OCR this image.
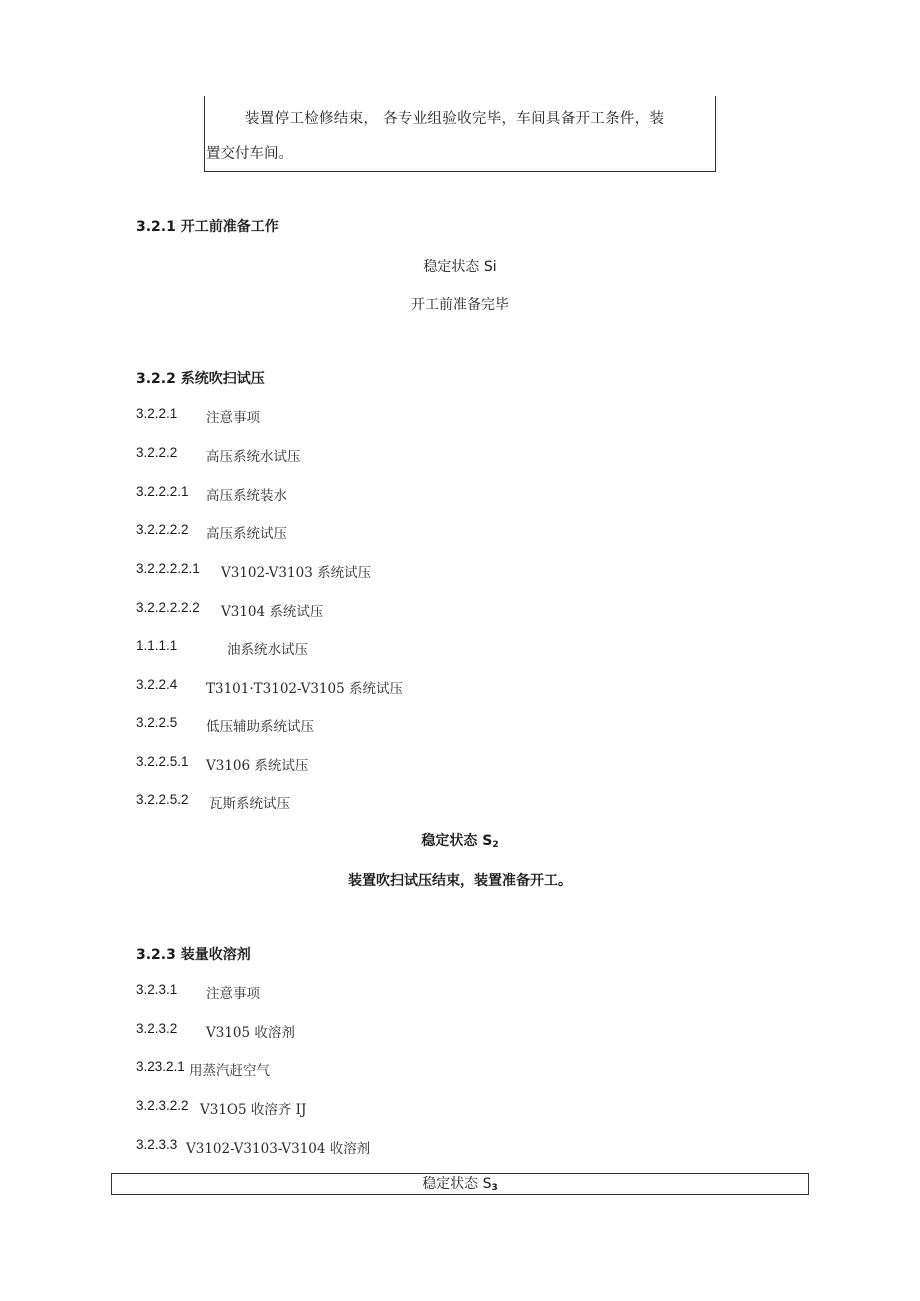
装置停工检修结束， 各专业组验收完毕，车间具备开工条件，装
置交付车间。
3.2.1 开工前准备工作
稳定状态 Si
开工前准备完毕
3.2.2 系统吹扫试压
3.2.2.1 注意事项
3.2.2.2 高压系统水试压
3.2.2.2.1 高压系统装水
3.2.2.2.2 高压系统试压
3.2.2.2.2.1 V3102-V3103 系统试压
3.2.2.2.2.2 V3104 系统试压
1.1.1.1	油系统水试压
3.2.2.4 T3101·T3102-V3105 系统试压
3.2.2.5 低压辅助系统试压
3.2.2.5.1 V3106 系统试压
3.2.2.5.2 瓦斯系统试压
稳定状态 $S_2$
装置吹扫试压结束，装置准备开工。
3.2.3 装量收溶剂
3.2.3.1 注意事项
3.2.3.2 V3105 收溶剂
3.23.2.1 用蒸汽赶空气
3.2.3.2.2 V31O5 收溶齐 IJ
3.2.3.3 V3102-V3103-V3104 收溶剂
稳定状态 $S_3$
